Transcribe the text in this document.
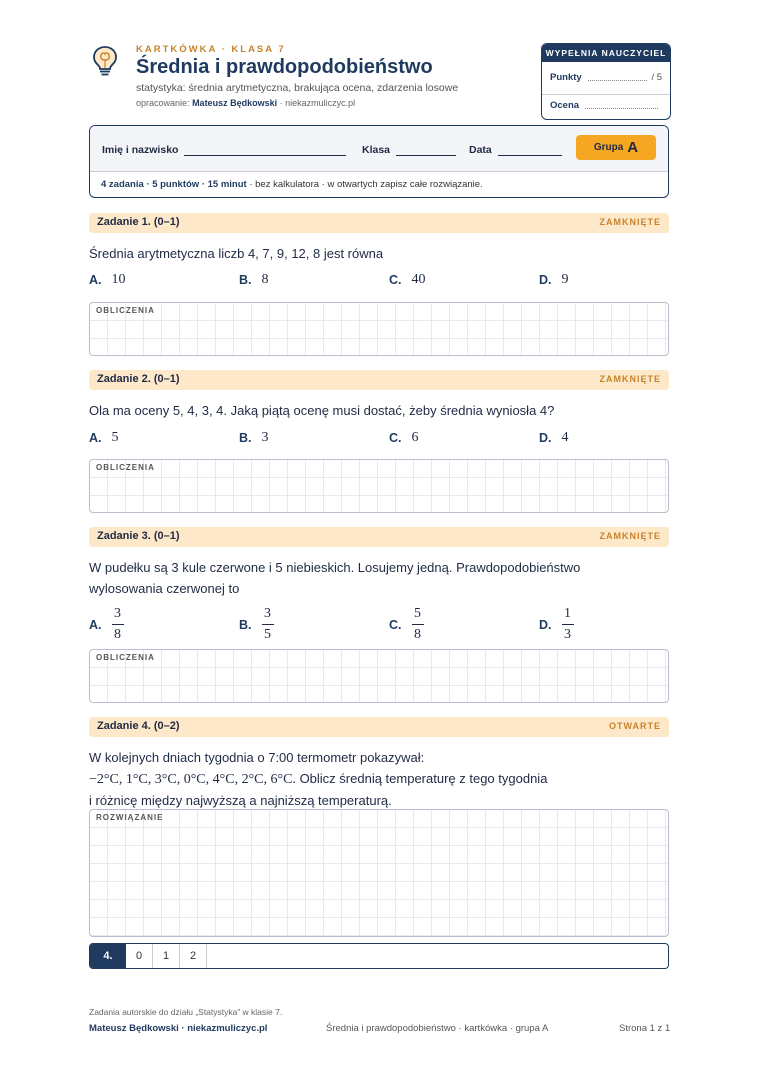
KARTKÓWKA · KLASA 7
Średnia i prawdopodobieństwo
statystyka: średnia arytmetyczna, brakująca ocena, zdarzenia losowe
opracowanie: Mateusz Będkowski · niekazmuliczyc.pl
WYPEŁNIA NAUCZYCIEL
Punkty	/ 5
Ocena
Imię i nazwisko	Klasa	Data	Grupa A
4 zadania · 5 punktów · 15 minut · bez kalkulatora · w otwartych zapisz całe rozwiązanie.
Zadanie 1. (0–1)	ZAMKNIĘTE
Średnia arytmetyczna liczb 4, 7, 9, 12, 8 jest równa
A. 10	B. 8	C. 40	D. 9
OBLICZENIA
Zadanie 2. (0–1)	ZAMKNIĘTE
Ola ma oceny 5, 4, 3, 4. Jaką piątą ocenę musi dostać, żeby średnia wyniosła 4?
A. 5	B. 3	C. 6	D. 4
OBLICZENIA
Zadanie 3. (0–1)	ZAMKNIĘTE
W pudełku są 3 kule czerwone i 5 niebieskich. Losujemy jedną. Prawdopodobieństwo wylosowania czerwonej to
A. $\frac{3}{8}$	B. $\frac{3}{5}$	C. $\frac{5}{8}$	D. $\frac{1}{3}$
OBLICZENIA
Zadanie 4. (0–2)	OTWARTE
W kolejnych dniach tygodnia o 7:00 termometr pokazywał:
−2°C, 1°C, 3°C, 0°C, 4°C, 2°C, 6°C. Oblicz średnią temperaturę z tego tygodnia
i różnicę między najwyższą a najniższą temperaturą.
ROZWIĄZANIE
4.	0	1	2
Zadania autorskie do działu „Statystyka” w klasie 7.
Mateusz Będkowski · niekazmuliczyc.pl	Średnia i prawdopodobieństwo · kartkówka · grupa A	Strona 1 z 1
